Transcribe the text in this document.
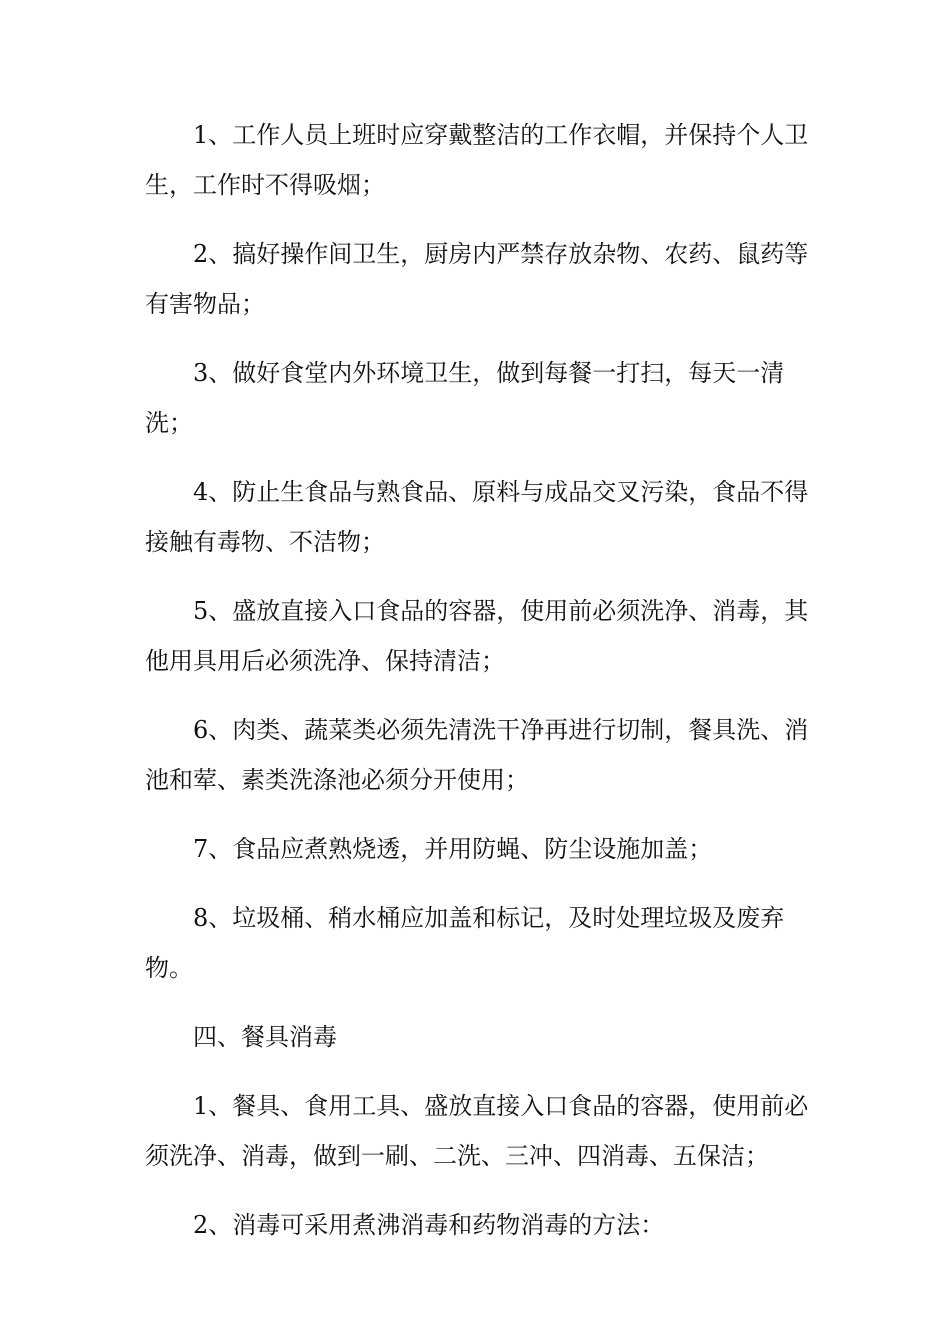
1、工作人员上班时应穿戴整洁的工作衣帽，并保持个人卫生，工作时不得吸烟；

2、搞好操作间卫生，厨房内严禁存放杂物、农药、鼠药等有害物品；

3、做好食堂内外环境卫生，做到每餐一打扫，每天一清洗；

4、防止生食品与熟食品、原料与成品交叉污染，食品不得接触有毒物、不洁物；

5、盛放直接入口食品的容器，使用前必须洗净、消毒，其他用具用后必须洗净、保持清洁；

6、肉类、蔬菜类必须先清洗干净再进行切制，餐具洗、消池和荤、素类洗涤池必须分开使用；

7、食品应煮熟烧透，并用防蝇、防尘设施加盖；

8、垃圾桶、稍水桶应加盖和标记，及时处理垃圾及废弃物。

四、餐具消毒

1、餐具、食用工具、盛放直接入口食品的容器，使用前必须洗净、消毒，做到一刷、二洗、三冲、四消毒、五保洁；

2、消毒可采用煮沸消毒和药物消毒的方法：
